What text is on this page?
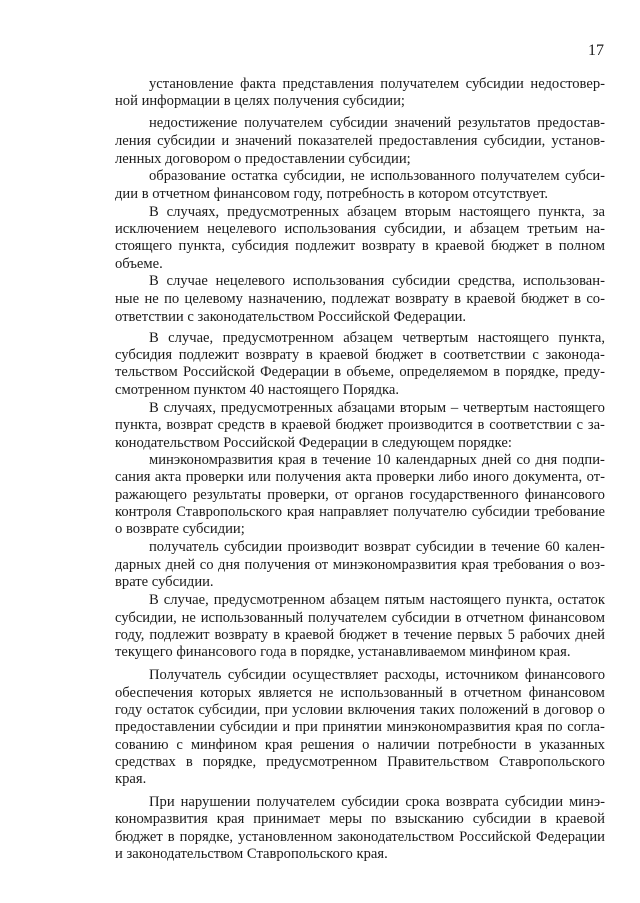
17
установление факта представления получателем субсидии недостовер-
ной информации в целях получения субсидии;
недостижение получателем субсидии значений результатов предостав-
ления субсидии и значений показателей предоставления субсидии, установ-
ленных договором о предоставлении субсидии;
образование остатка субсидии, не использованного получателем субси-
дии в отчетном финансовом году, потребность в котором отсутствует.
В случаях, предусмотренных абзацем вторым настоящего пункта, за
исключением нецелевого использования субсидии, и абзацем третьим на-
стоящего пункта, субсидия подлежит возврату в краевой бюджет в полном
объеме.
В случае нецелевого использования субсидии средства, использован-
ные не по целевому назначению, подлежат возврату в краевой бюджет в со-
ответствии с законодательством Российской Федерации.
В случае, предусмотренном абзацем четвертым настоящего пункта,
субсидия подлежит возврату в краевой бюджет в соответствии с законода-
тельством Российской Федерации в объеме, определяемом в порядке, преду-
смотренном пунктом 40 настоящего Порядка.
В случаях, предусмотренных абзацами вторым – четвертым настоящего
пункта, возврат средств в краевой бюджет производится в соответствии с за-
конодательством Российской Федерации в следующем порядке:
минэкономразвития края в течение 10 календарных дней со дня подпи-
сания акта проверки или получения акта проверки либо иного документа, от-
ражающего результаты проверки, от органов государственного финансового
контроля Ставропольского края направляет получателю субсидии требование
о возврате субсидии;
получатель субсидии производит возврат субсидии в течение 60 кален-
дарных дней со дня получения от минэкономразвития края требования о воз-
врате субсидии.
В случае, предусмотренном абзацем пятым настоящего пункта, остаток
субсидии, не использованный получателем субсидии в отчетном финансовом
году, подлежит возврату в краевой бюджет в течение первых 5 рабочих дней
текущего финансового года в порядке, устанавливаемом минфином края.
Получатель субсидии осуществляет расходы, источником финансового
обеспечения которых является не использованный в отчетном финансовом
году остаток субсидии, при условии включения таких положений в договор о
предоставлении субсидии и при принятии минэкономразвития края по согла-
сованию с минфином края решения о наличии потребности в указанных
средствах в порядке, предусмотренном Правительством Ставропольского
края.
При нарушении получателем субсидии срока возврата субсидии минэ-
кономразвития края принимает меры по взысканию субсидии в краевой
бюджет в порядке, установленном законодательством Российской Федерации
и законодательством Ставропольского края.
